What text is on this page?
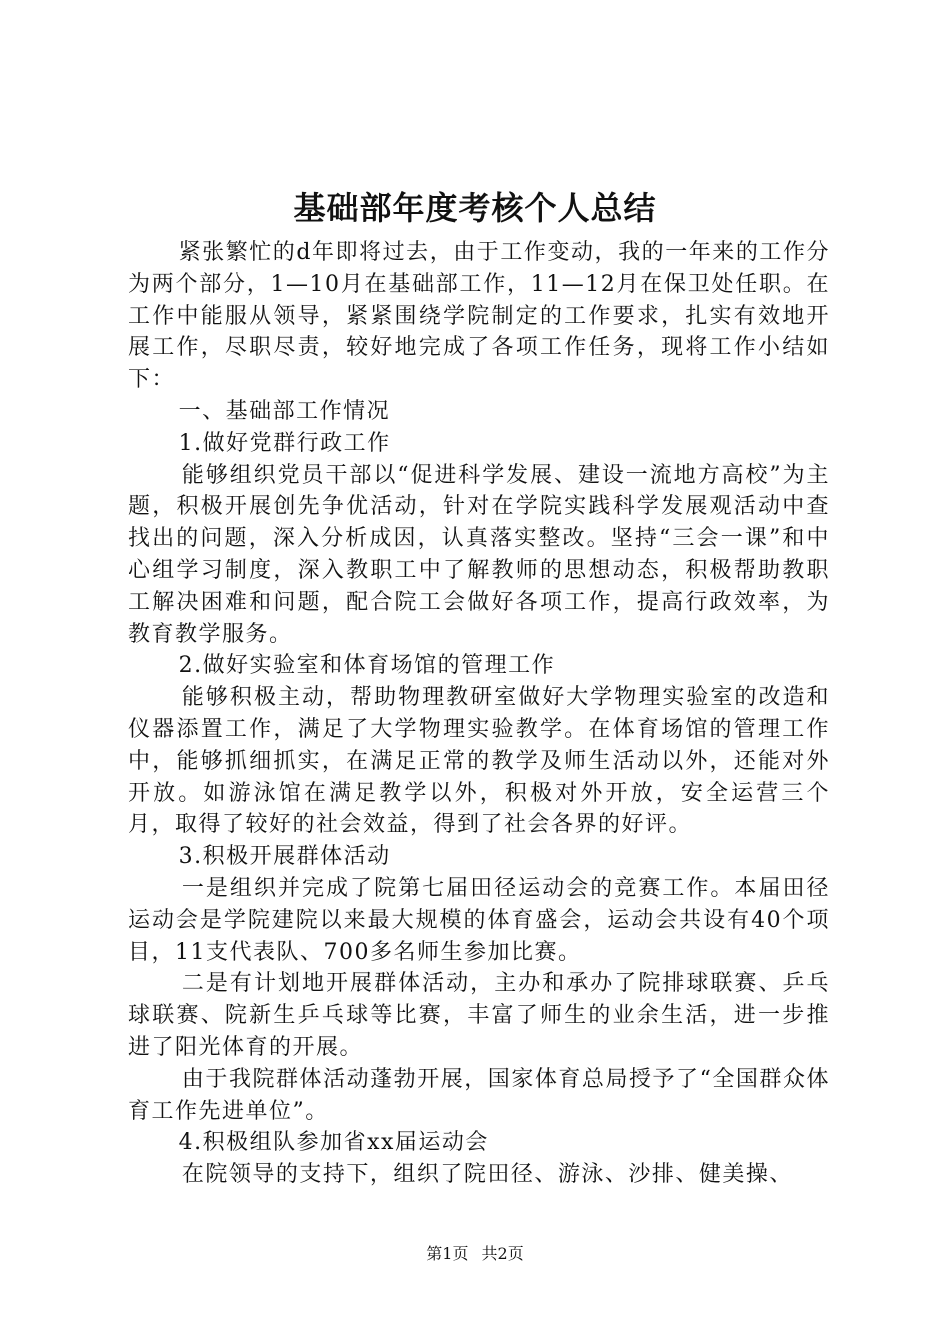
基础部年度考核个人总结

紧张繁忙的d年即将过去，由于工作变动，我的一年来的工作分为两个部分，1—10月在基础部工作，11—12月在保卫处任职。在工作中能服从领导，紧紧围绕学院制定的工作要求，扎实有效地开展工作，尽职尽责，较好地完成了各项工作任务，现将工作小结如下：

一、基础部工作情况

1.做好党群行政工作

能够组织党员干部以“促进科学发展、建设一流地方高校”为主题，积极开展创先争优活动，针对在学院实践科学发展观活动中查找出的问题，深入分析成因，认真落实整改。坚持“三会一课”和中心组学习制度，深入教职工中了解教师的思想动态，积极帮助教职工解决困难和问题，配合院工会做好各项工作，提高行政效率，为教育教学服务。

2.做好实验室和体育场馆的管理工作

能够积极主动，帮助物理教研室做好大学物理实验室的改造和仪器添置工作，满足了大学物理实验教学。在体育场馆的管理工作中，能够抓细抓实，在满足正常的教学及师生活动以外，还能对外开放。如游泳馆在满足教学以外，积极对外开放，安全运营三个月，取得了较好的社会效益，得到了社会各界的好评。

3.积极开展群体活动

一是组织并完成了院第七届田径运动会的竞赛工作。本届田径运动会是学院建院以来最大规模的体育盛会，运动会共设有40个项目，11支代表队、700多名师生参加比赛。

二是有计划地开展群体活动，主办和承办了院排球联赛、乒乓球联赛、院新生乒乓球等比赛，丰富了师生的业余生活，进一步推进了阳光体育的开展。

由于我院群体活动蓬勃开展，国家体育总局授予了“全国群众体育工作先进单位”。

4.积极组队参加省xx届运动会

在院领导的支持下，组织了院田径、游泳、沙排、健美操、

第1页 共2页
